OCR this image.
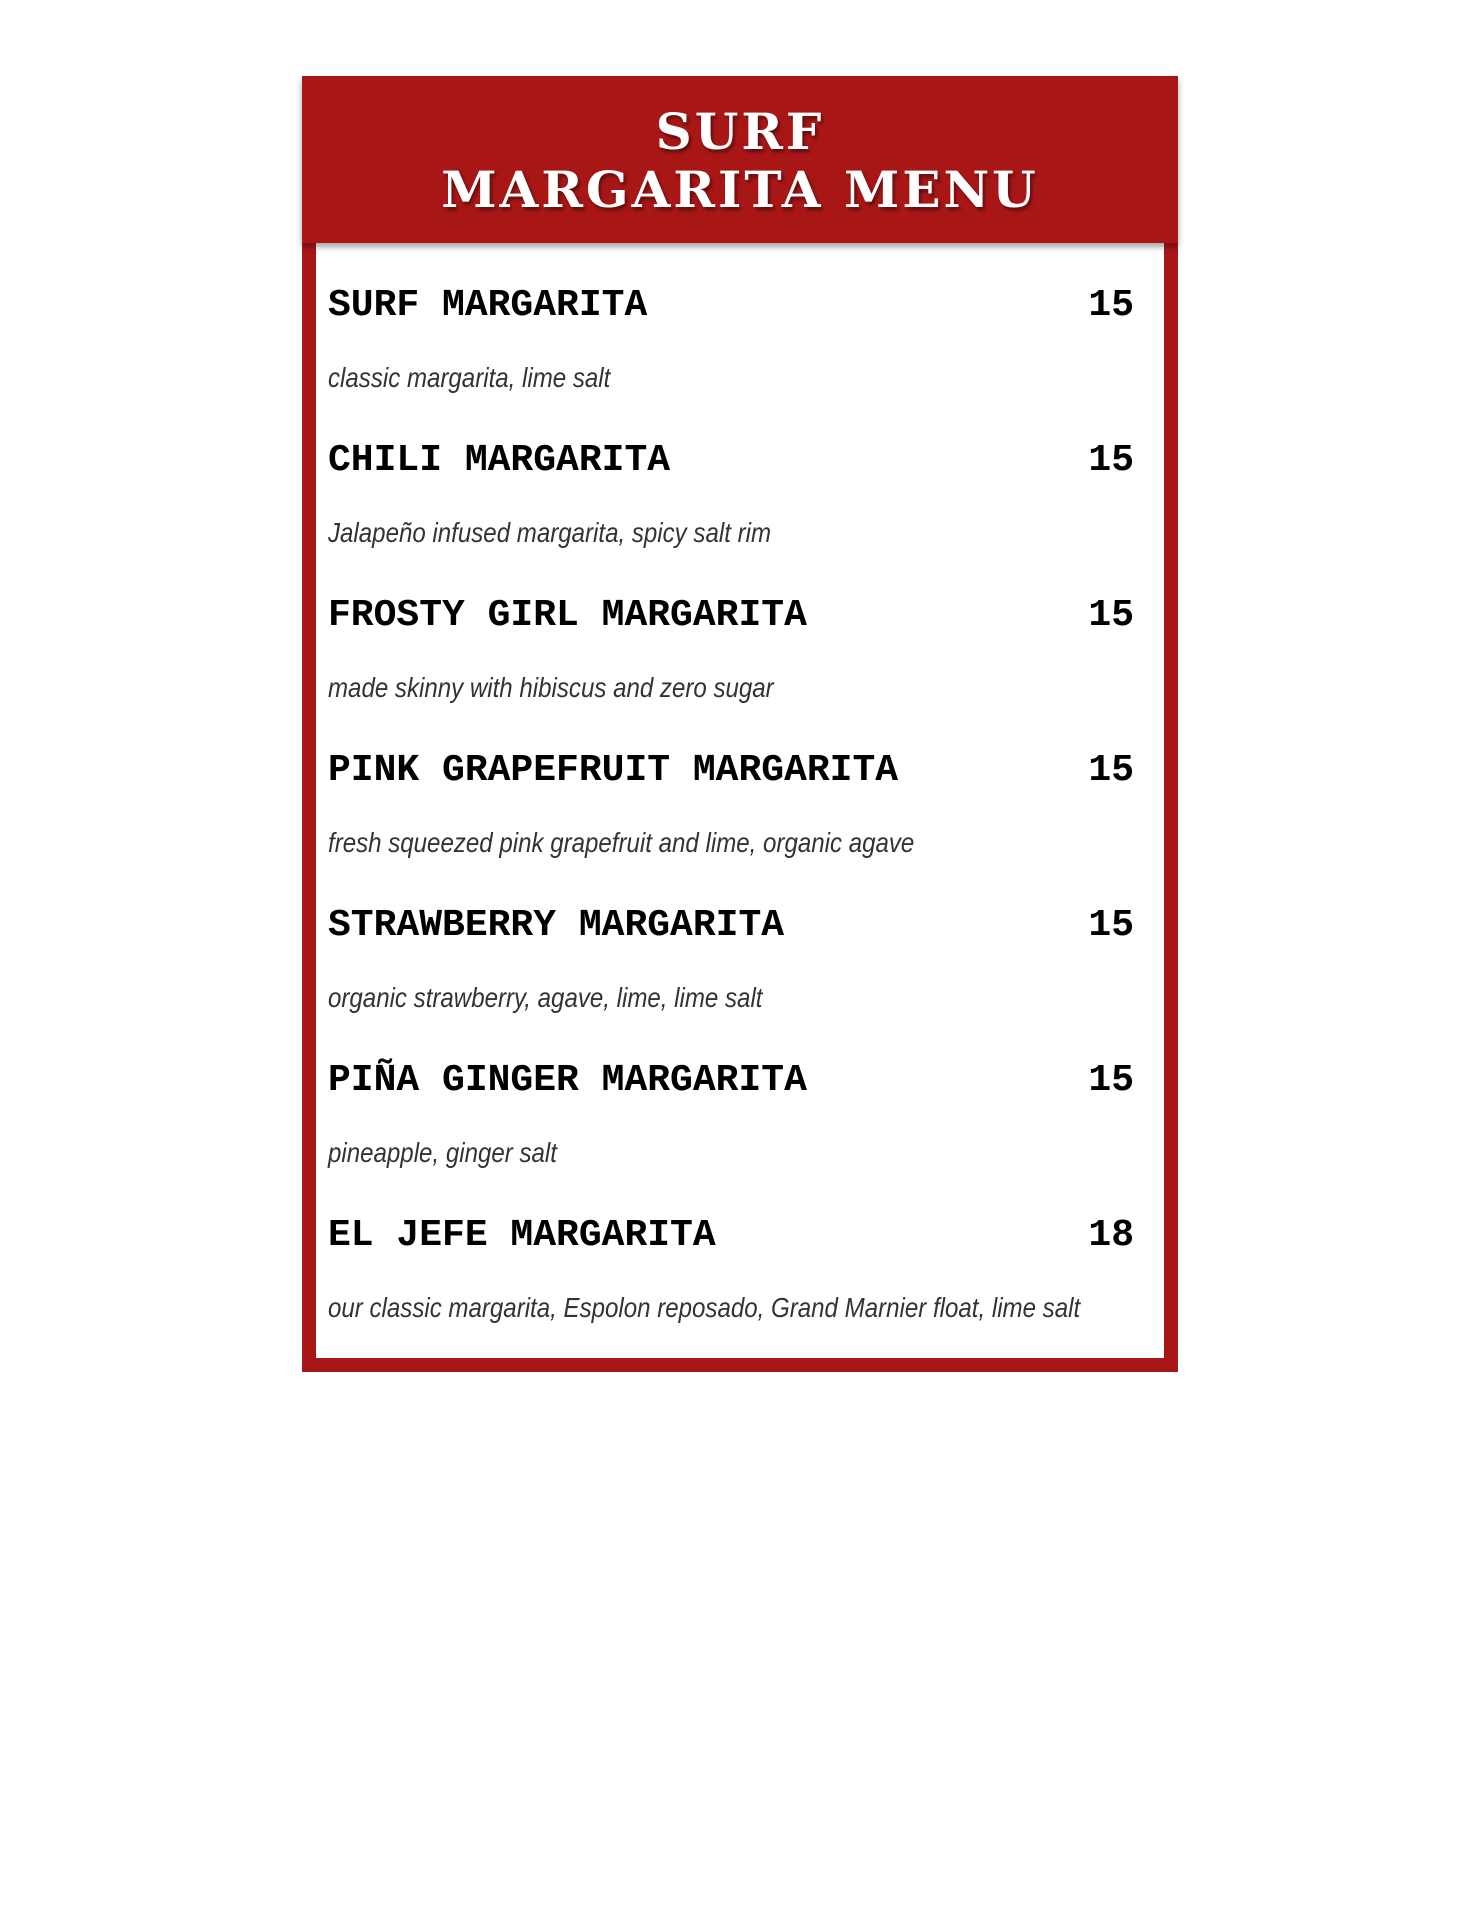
SURF
MARGARITA MENU
SURF MARGARITA	15
classic margarita, lime salt
CHILI MARGARITA	15
Jalapeño infused margarita, spicy salt rim
FROSTY GIRL MARGARITA	15
made skinny with hibiscus and zero sugar
PINK GRAPEFRUIT MARGARITA	15
fresh squeezed pink grapefruit and lime, organic agave
STRAWBERRY MARGARITA	15
organic strawberry, agave, lime, lime salt
PIÑA GINGER MARGARITA	15
pineapple, ginger salt
EL JEFE MARGARITA	18
our classic margarita, Espolon reposado, Grand Marnier float, lime salt
